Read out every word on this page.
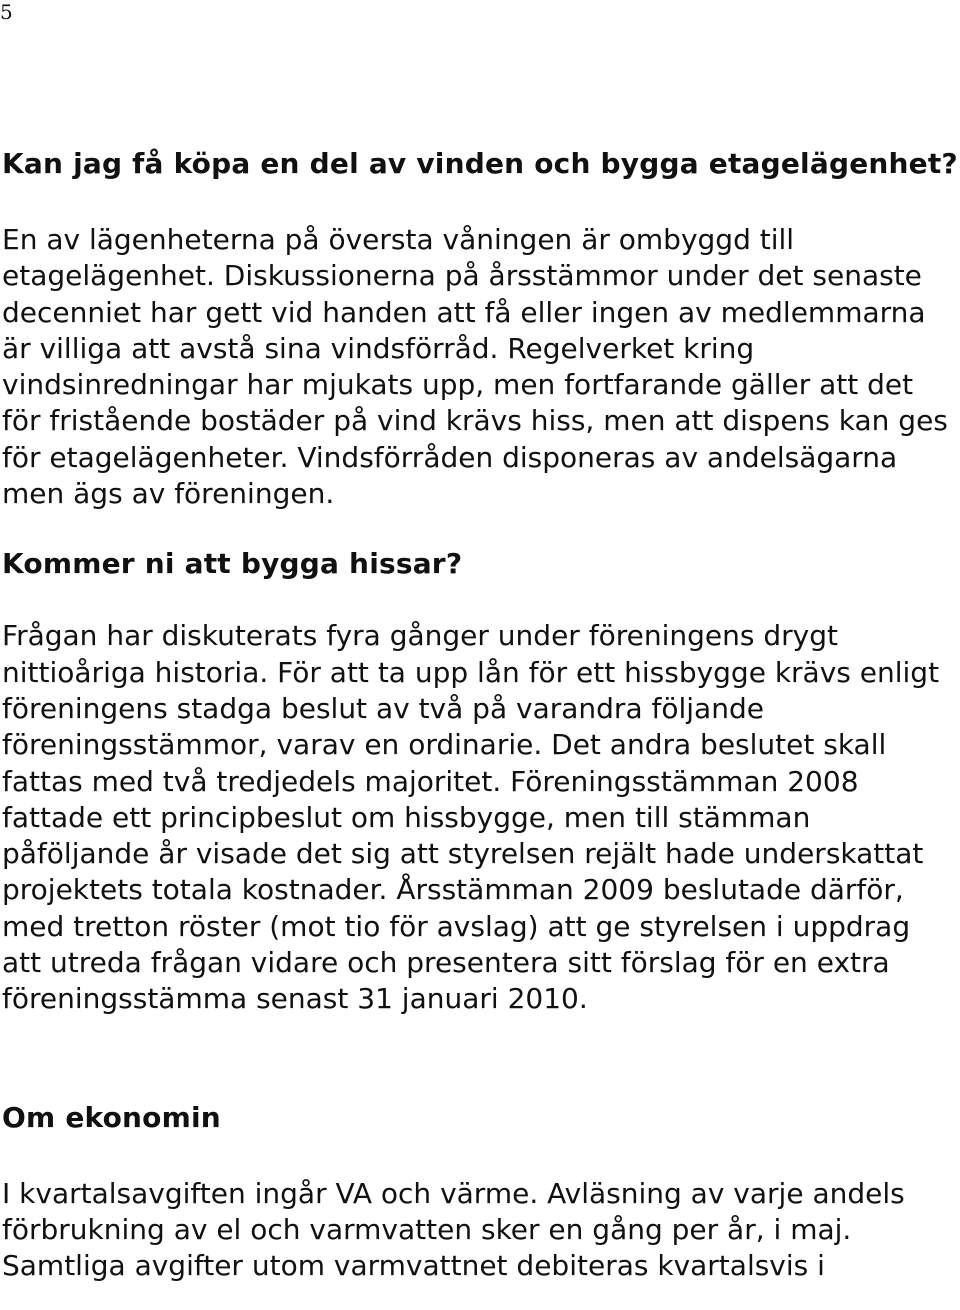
5
Kan jag få köpa en del av vinden och bygga etagelägenhet?

En av lägenheterna på översta våningen är ombyggd till etagelägenhet. Diskussionerna på årsstämmor under det senaste decenniet har gett vid handen att få eller ingen av medlemmarna är villiga att avstå sina vindsförråd. Regelverket kring vindsinredningar har mjukats upp, men fortfarande gäller att det för fristående bostäder på vind krävs hiss, men att dispens kan ges för etagelägenheter. Vindsförråden disponeras av andelsägarna men ägs av föreningen.

Kommer ni att bygga hissar?

Frågan har diskuterats fyra gånger under föreningens drygt nittioåriga historia. För att ta upp lån för ett hissbygge krävs enligt föreningens stadga beslut av två på varandra följande föreningsstämmor, varav en ordinarie. Det andra beslutet skall fattas med två tredjedels majoritet. Föreningsstämman 2008 fattade ett principbeslut om hissbygge, men till stämman påföljande år visade det sig att styrelsen rejält hade underskattat projektets totala kostnader. Årsstämman 2009 beslutade därför, med tretton röster (mot tio för avslag) att ge styrelsen i uppdrag att utreda frågan vidare och presentera sitt förslag för en extra föreningsstämma senast 31 januari 2010.

Om ekonomin

I kvartalsavgiften ingår VA och värme. Avläsning av varje andels förbrukning av el och varmvatten sker en gång per år, i maj. Samtliga avgifter utom varmvattnet debiteras kvartalsvis i
